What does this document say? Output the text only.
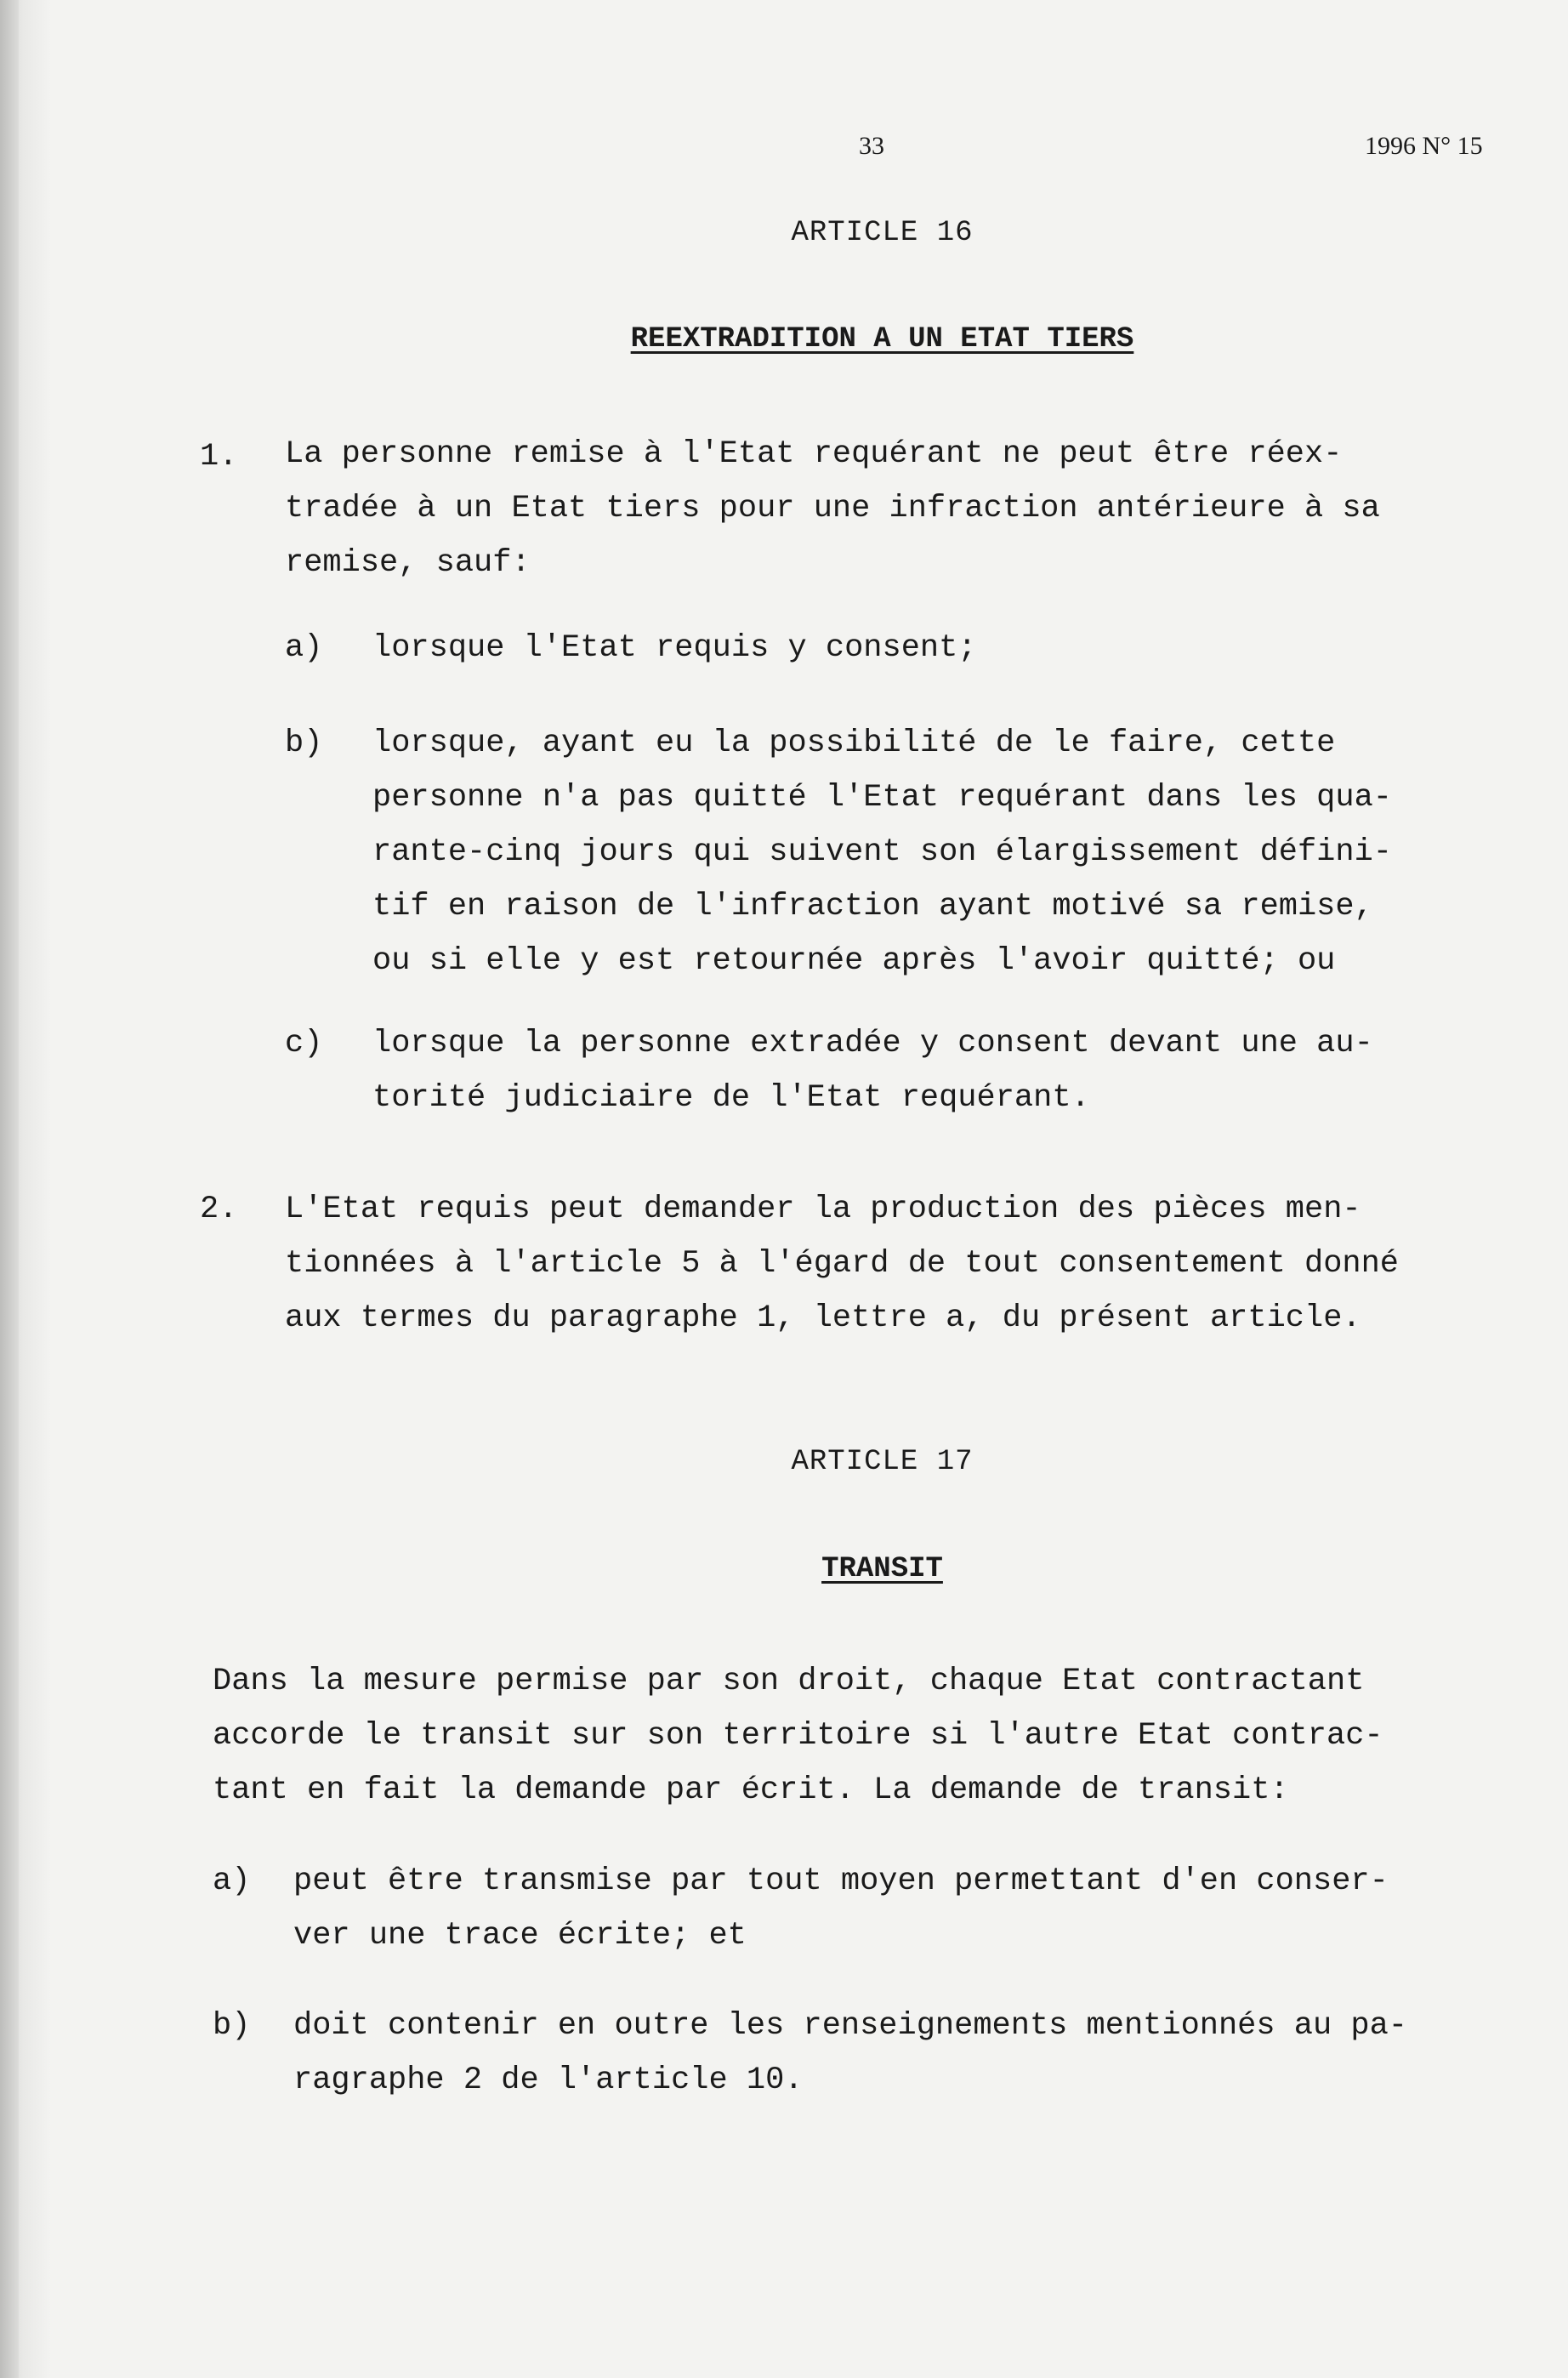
33	1996 N° 15
ARTICLE 16
REEXTRADITION A UN ETAT TIERS
1. La personne remise à l'Etat requérant ne peut être réex-
tradée à un Etat tiers pour une infraction antérieure à sa
remise, sauf:
a) lorsque l'Etat requis y consent;
b) lorsque, ayant eu la possibilité de le faire, cette
personne n'a pas quitté l'Etat requérant dans les qua-
rante-cinq jours qui suivent son élargissement défini-
tif en raison de l'infraction ayant motivé sa remise,
ou si elle y est retournée après l'avoir quitté; ou
c) lorsque la personne extradée y consent devant une au-
torité judiciaire de l'Etat requérant.
2. L'Etat requis peut demander la production des pièces men-
tionnées à l'article 5 à l'égard de tout consentement donné
aux termes du paragraphe 1, lettre a, du présent article.
ARTICLE 17
TRANSIT
Dans la mesure permise par son droit, chaque Etat contractant
accorde le transit sur son territoire si l'autre Etat contrac-
tant en fait la demande par écrit. La demande de transit:
a) peut être transmise par tout moyen permettant d'en conser-
ver une trace écrite; et
b) doit contenir en outre les renseignements mentionnés au pa-
ragraphe 2 de l'article 10.
